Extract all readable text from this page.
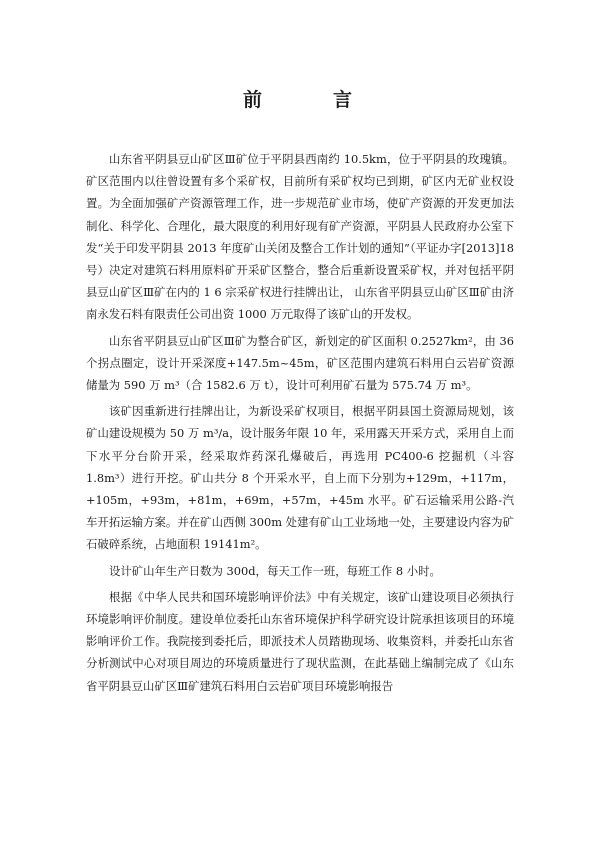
前　言

山东省平阴县豆山矿区Ⅲ矿位于平阴县西南约 10.5km，位于平阴县的玫瑰镇。矿区范围内以往曾设置有多个采矿权，目前所有采矿权均已到期，矿区内无矿业权设置。为全面加强矿产资源管理工作，进一步规范矿业市场，使矿产资源的开发更加法制化、科学化、合理化，最大限度的利用好现有矿产资源，平阴县人民政府办公室下发“关于印发平阴县 2013 年度矿山关闭及整合工作计划的通知”（平证办字[2013]18 号）决定对建筑石料用原料矿开采矿区整合，整合后重新设置采矿权，并对包括平阴县豆山矿区Ⅲ矿在内的 1 6 宗采矿权进行挂牌出让， 山东省平阴县豆山矿区Ⅲ矿由济南永发石料有限责任公司出资 1000 万元取得了该矿山的开发权。

山东省平阴县豆山矿区Ⅲ矿为整合矿区，新划定的矿区面积 0.2527km²，由 36 个拐点圈定，设计开采深度+147.5m~45m，矿区范围内建筑石料用白云岩矿资源储量为 590 万 m³（合 1582.6 万 t），设计可利用矿石量为 575.74 万 m³。

该矿因重新进行挂牌出让，为新设采矿权项目，根据平阴县国土资源局规划，该矿山建设规模为 50 万 m³/a，设计服务年限 10 年，采用露天开采方式，采用自上而下水平分台阶开采，经采取炸药深孔爆破后，再选用 PC400-6 挖掘机（斗容 1.8m³）进行开挖。矿山共分 8 个开采水平，自上而下分别为+129m，+117m，+105m，+93m，+81m，+69m，+57m，+45m 水平。矿石运输采用公路-汽车开拓运输方案。并在矿山西侧 300m 处建有矿山工业场地一处，主要建设内容为矿石破碎系统，占地面积 19141m²。

设计矿山年生产日数为 300d，每天工作一班，每班工作 8 小时。

根据《中华人民共和国环境影响评价法》中有关规定，该矿山建设项目必须执行环境影响评价制度。建设单位委托山东省环境保护科学研究设计院承担该项目的环境影响评价工作。我院接到委托后，即派技术人员踏勘现场、收集资料，并委托山东省分析测试中心对项目周边的环境质量进行了现状监测，在此基础上编制完成了《山东省平阴县豆山矿区Ⅲ矿建筑石料用白云岩矿项目环境影响报告
